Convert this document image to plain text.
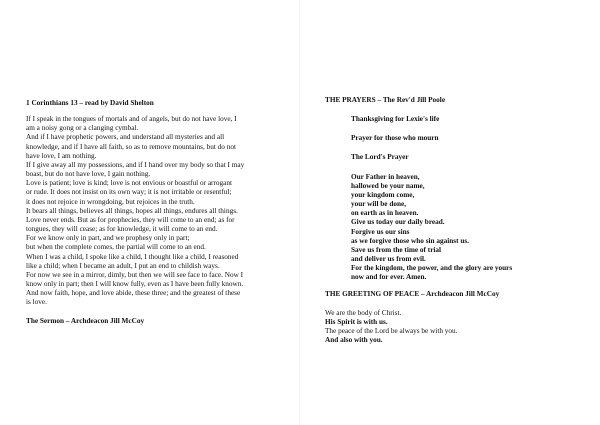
1 Corinthians 13 – read by David Shelton

If I speak in the tongues of mortals and of angels, but do not have love, I
am a noisy gong or a clanging cymbal.
And if I have prophetic powers, and understand all mysteries and all
knowledge, and if I have all faith, so as to remove mountains, but do not
have love, I am nothing.
If I give away all my possessions, and if I hand over my body so that I may
boast, but do not have love, I gain nothing.
Love is patient; love is kind; love is not envious or boastful or arrogant
or rude. It does not insist on its own way; it is not irritable or resentful;
it does not rejoice in wrongdoing, but rejoices in the truth.
It bears all things, believes all things, hopes all things, endures all things.
Love never ends. But as for prophecies, they will come to an end; as for
tongues, they will cease; as for knowledge, it will come to an end.
For we know only in part, and we prophesy only in part;
but when the complete comes, the partial will come to an end.
When I was a child, I spoke like a child, I thought like a child, I reasoned
like a child; when I became an adult, I put an end to childish ways.
For now we see in a mirror, dimly, but then we will see face to face. Now I
know only in part; then I will know fully, even as I have been fully known.
And now faith, hope, and love abide, these three; and the greatest of these
is love.

The Sermon – Archdeacon Jill McCoy

THE PRAYERS – The Rev'd Jill Poole

Thanksgiving for Lexie's life
Prayer for those who mourn
The Lord's Prayer
Our Father in heaven,
hallowed be your name,
your kingdom come,
your will be done,
on earth as in heaven.
Give us today our daily bread.
Forgive us our sins
as we forgive those who sin against us.
Save us from the time of trial
and deliver us from evil.
For the kingdom, the power, and the glory are yours
now and for ever. Amen.

THE GREETING OF PEACE – Archdeacon Jill McCoy

We are the body of Christ.
His Spirit is with us.
The peace of the Lord be always be with you.
And also with you.
